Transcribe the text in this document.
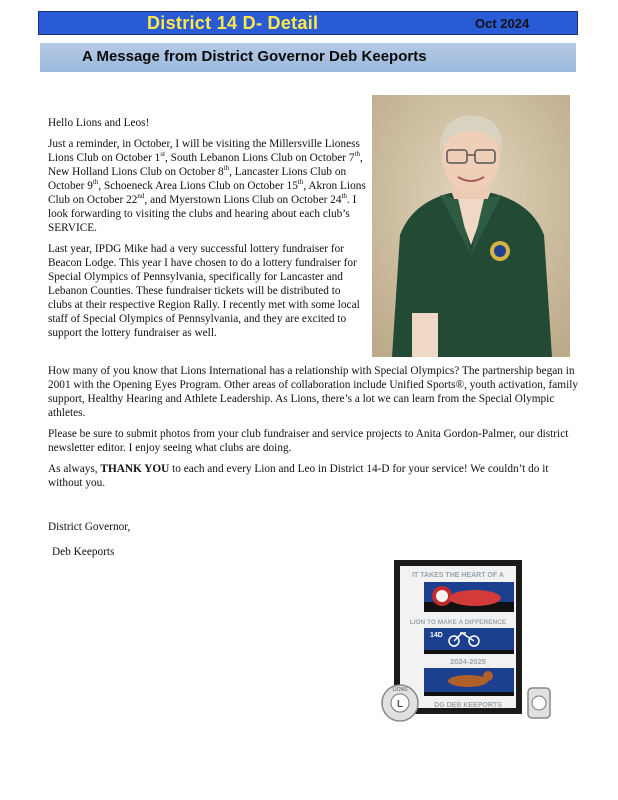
District 14 D- Detail	Oct 2024
A Message from District Governor Deb Keeports

Hello Lions and Leos!

Just a reminder, in October, I will be visiting the Millersville Lioness Lions Club on October 1st, South Lebanon Lions Club on October 7th, New Holland Lions Club on October 8th, Lancaster Lions Club on October 9th, Schoeneck Area Lions Club on October 15th, Akron Lions Club on October 22nd, and Myerstown Lions Club on October 24th. I look forwarding to visiting the clubs and hearing about each club’s SERVICE.

Last year, IPDG Mike had a very successful lottery fundraiser for Beacon Lodge. This year I have chosen to do a lottery fundraiser for Special Olympics of Pennsylvania, specifically for Lancaster and Lebanon Counties. These fundraiser tickets will be distributed to clubs at their respective Region Rally. I recently met with some local staff of Special Olympics of Pennsylvania, and they are excited to support the lottery fundraiser as well.

How many of you know that Lions International has a relationship with Special Olympics? The partnership began in 2001 with the Opening Eyes Program. Other areas of collaboration include Unified Sports®, youth activation, family support, Healthy Hearing and Athlete Leadership. As Lions, there’s a lot we can learn from the Special Olympic athletes.

Please be sure to submit photos from your club fundraiser and service projects to Anita Gordon-Palmer, our district newsletter editor. I enjoy seeing what clubs are doing.

As always, THANK YOU to each and every Lion and Leo in District 14-D for your service! We couldn’t do it without you.

District Governor,
Deb Keeports
IT TAKES THE HEART OF A
LION TO MAKE A DIFFERENCE
14D
2024-2025
DG DEB KEEPORTS
LIONS
L
